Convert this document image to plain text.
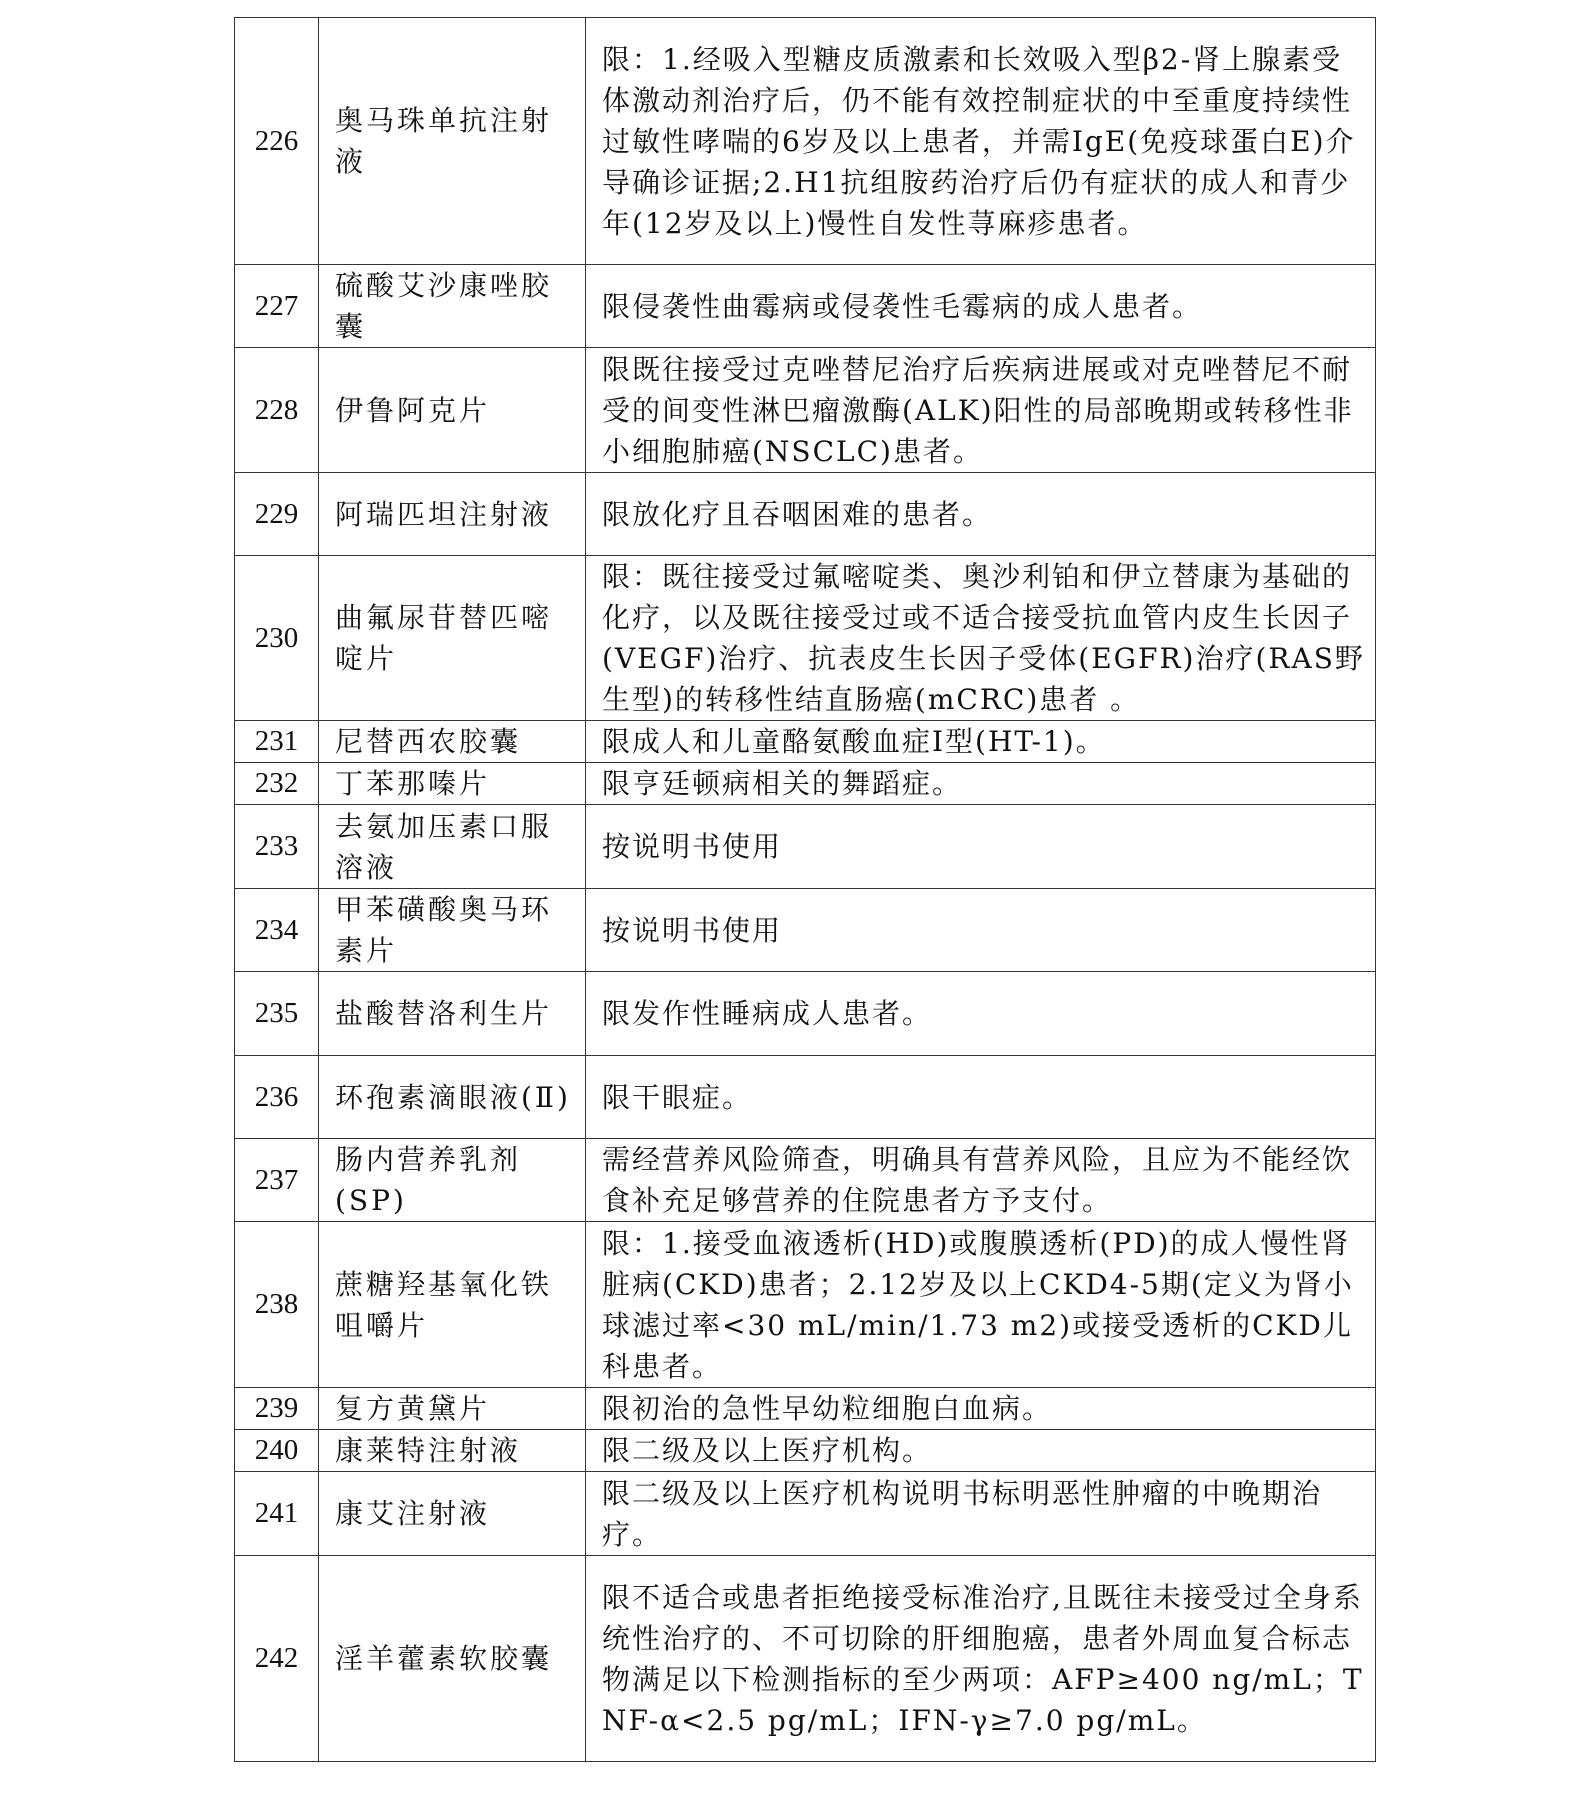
226	奥马珠单抗注射液	限：1.经吸入型糖皮质激素和长效吸入型β2-肾上腺素受体激动剂治疗后，仍不能有效控制症状的中至重度持续性过敏性哮喘的6岁及以上患者，并需IgE(免疫球蛋白E)介导确诊证据;2.H1抗组胺药治疗后仍有症状的成人和青少年(12岁及以上)慢性自发性荨麻疹患者。
227	硫酸艾沙康唑胶囊	限侵袭性曲霉病或侵袭性毛霉病的成人患者。
228	伊鲁阿克片	限既往接受过克唑替尼治疗后疾病进展或对克唑替尼不耐受的间变性淋巴瘤激酶(ALK)阳性的局部晚期或转移性非小细胞肺癌(NSCLC)患者。
229	阿瑞匹坦注射液	限放化疗且吞咽困难的患者。
230	曲氟尿苷替匹嘧啶片	限：既往接受过氟嘧啶类、奥沙利铂和伊立替康为基础的化疗，以及既往接受过或不适合接受抗血管内皮生长因子(VEGF)治疗、抗表皮生长因子受体(EGFR)治疗(RAS野生型)的转移性结直肠癌(mCRC)患者 。
231	尼替西农胶囊	限成人和儿童酪氨酸血症Ⅰ型(HT-1)。
232	丁苯那嗪片	限亨廷顿病相关的舞蹈症。
233	去氨加压素口服溶液	按说明书使用
234	甲苯磺酸奥马环素片	按说明书使用
235	盐酸替洛利生片	限发作性睡病成人患者。
236	环孢素滴眼液(Ⅱ)	限干眼症。
237	肠内营养乳剂(SP)	需经营养风险筛查，明确具有营养风险，且应为不能经饮食补充足够营养的住院患者方予支付。
238	蔗糖羟基氧化铁咀嚼片	限：1.接受血液透析(HD)或腹膜透析(PD)的成人慢性肾脏病(CKD)患者；2.12岁及以上CKD4-5期(定义为肾小球滤过率<30 mL/min/1.73 m2)或接受透析的CKD儿科患者。
239	复方黄黛片	限初治的急性早幼粒细胞白血病。
240	康莱特注射液	限二级及以上医疗机构。
241	康艾注射液	限二级及以上医疗机构说明书标明恶性肿瘤的中晚期治疗。
242	淫羊藿素软胶囊	限不适合或患者拒绝接受标准治疗,且既往未接受过全身系统性治疗的、不可切除的肝细胞癌，患者外周血复合标志物满足以下检测指标的至少两项：AFP≥400 ng/mL；TNF-α<2.5 pg/mL；IFN-γ≥7.0 pg/mL。
